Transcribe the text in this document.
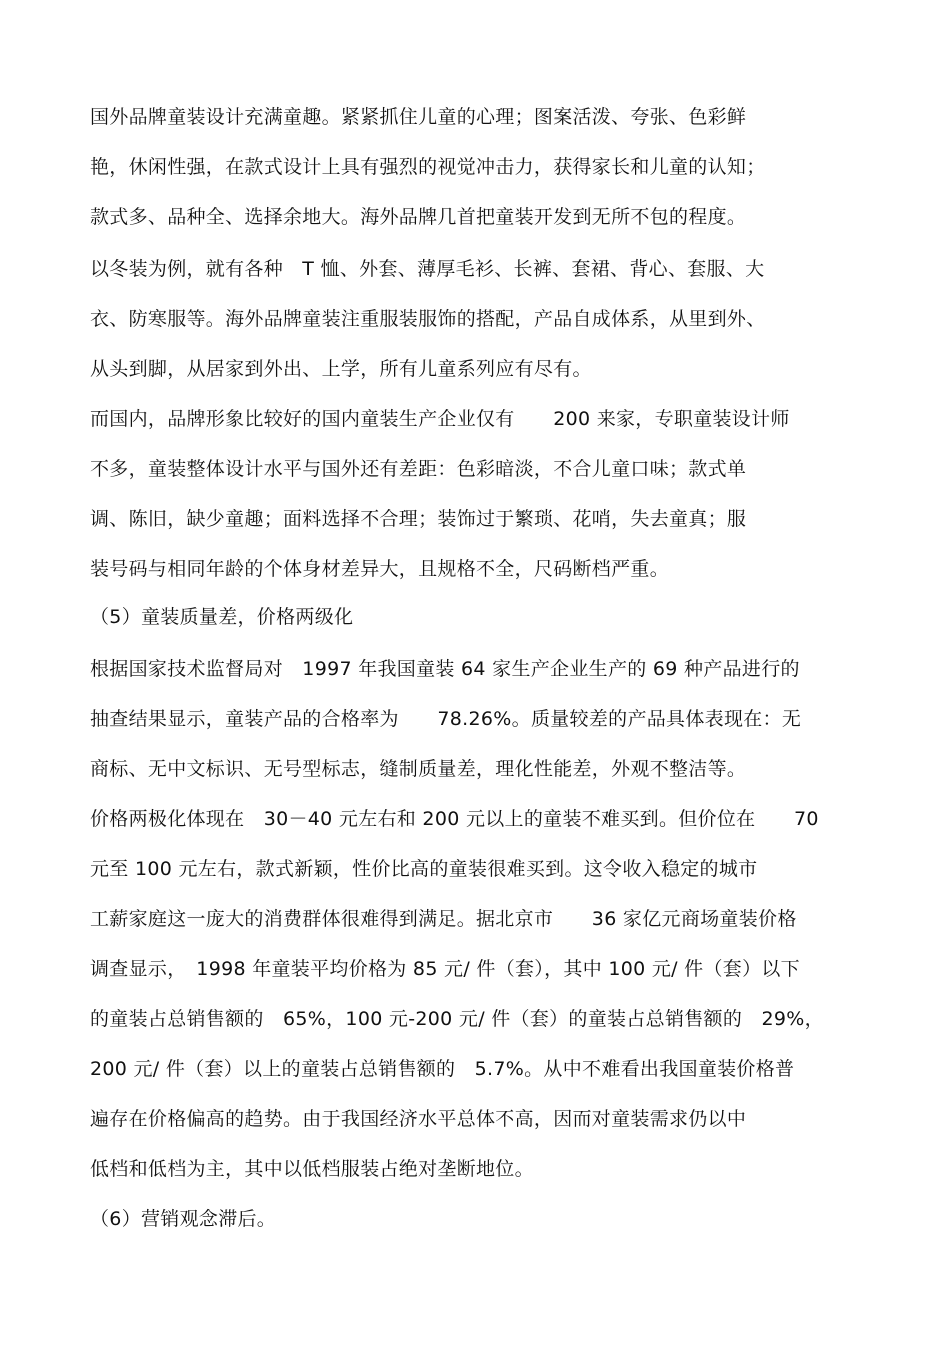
国外品牌童装设计充满童趣。紧紧抓住儿童的心理；图案活泼、夸张、色彩鲜

艳，休闲性强，在款式设计上具有强烈的视觉冲击力，获得家长和儿童的认知；

款式多、品种全、选择余地大。海外品牌几首把童装开发到无所不包的程度。

以冬装为例，就有各种　T 恤、外套、薄厚毛衫、长裤、套裙、背心、套服、大

衣、防寒服等。海外品牌童装注重服装服饰的搭配，产品自成体系，从里到外、

从头到脚，从居家到外出、上学，所有儿童系列应有尽有。

而国内，品牌形象比较好的国内童装生产企业仅有　　200 来家，专职童装设计师

不多，童装整体设计水平与国外还有差距：色彩暗淡，不合儿童口味；款式单

调、陈旧，缺少童趣；面料选择不合理；装饰过于繁琐、花哨，失去童真；服

装号码与相同年龄的个体身材差异大，且规格不全，尺码断档严重。

（5）童装质量差，价格两级化

根据国家技术监督局对　1997 年我国童装 64 家生产企业生产的 69 种产品进行的

抽查结果显示，童装产品的合格率为　　78.26%。质量较差的产品具体表现在：无

商标、无中文标识、无号型标志，缝制质量差，理化性能差，外观不整洁等。

价格两极化体现在　30－40 元左右和 200 元以上的童装不难买到。但价位在　　70

元至 100 元左右，款式新颖，性价比高的童装很难买到。这令收入稳定的城市

工薪家庭这一庞大的消费群体很难得到满足。据北京市　　36 家亿元商场童装价格

调查显示，　1998 年童装平均价格为 85 元/ 件（套），其中 100 元/ 件（套）以下

的童装占总销售额的　65%，100 元-200 元/ 件（套）的童装占总销售额的　29%，

200 元/ 件（套）以上的童装占总销售额的　5.7%。从中不难看出我国童装价格普

遍存在价格偏高的趋势。由于我国经济水平总体不高，因而对童装需求仍以中

低档和低档为主，其中以低档服装占绝对垄断地位。

（6）营销观念滞后。
